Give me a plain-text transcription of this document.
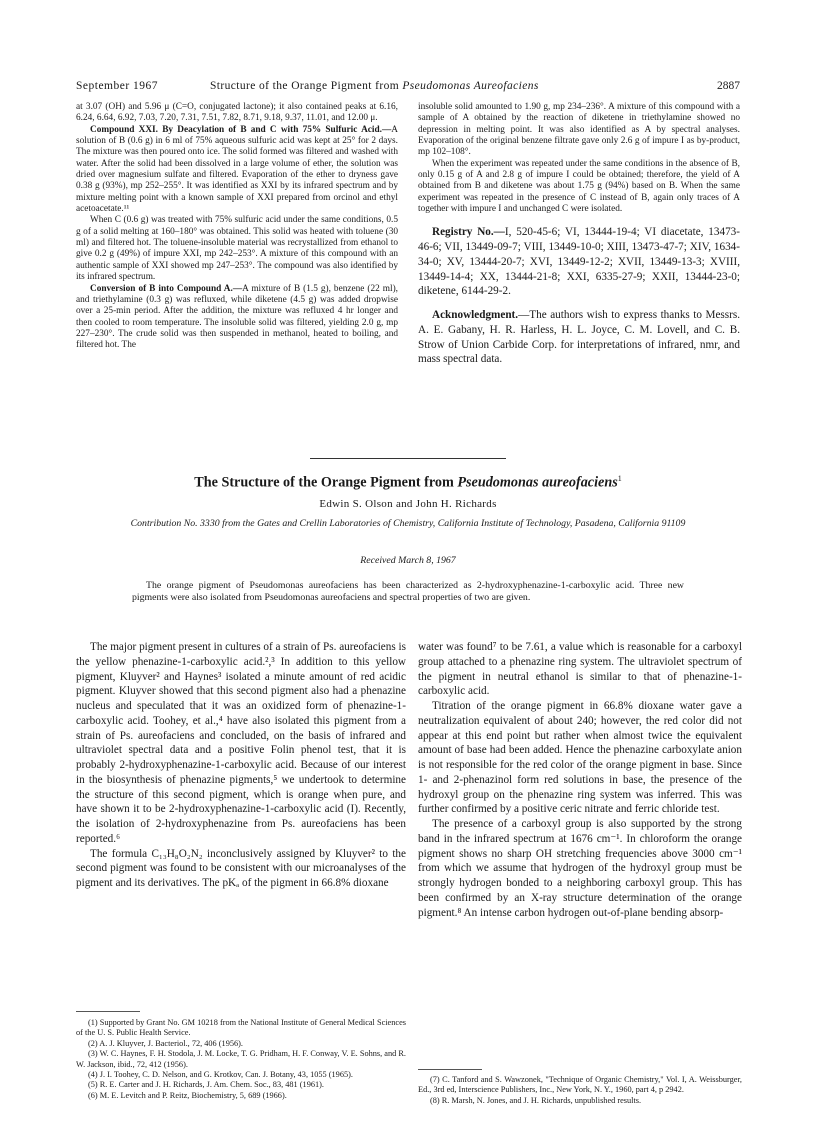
September 1967	Structure of the Orange Pigment from Pseudomonas Aureofaciens	2887

at 3.07 (OH) and 5.96 μ (C=O, conjugated lactone); it also contained peaks at 6.16, 6.24, 6.64, 6.92, 7.03, 7.20, 7.31, 7.51, 7.82, 8.71, 9.18, 9.37, 11.01, and 12.00 μ.

Compound XXI. By Deacylation of B and C with 75% Sulfuric Acid.—A solution of B (0.6 g) in 6 ml of 75% aqueous sulfuric acid was kept at 25° for 2 days. The mixture was then poured onto ice. The solid formed was filtered and washed with water. After the solid had been dissolved in a large volume of ether, the solution was dried over magnesium sulfate and filtered. Evaporation of the ether to dryness gave 0.38 g (93%), mp 252–255°. It was identified as XXI by its infrared spectrum and by mixture melting point with a known sample of XXI prepared from orcinol and ethyl acetoacetate.¹¹

When C (0.6 g) was treated with 75% sulfuric acid under the same conditions, 0.5 g of a solid melting at 160–180° was obtained. This solid was heated with toluene (30 ml) and filtered hot. The toluene-insoluble material was recrystallized from ethanol to give 0.2 g (49%) of impure XXI, mp 242–253°. A mixture of this compound with an authentic sample of XXI showed mp 247–253°. The compound was also identified by its infrared spectrum.

Conversion of B into Compound A.—A mixture of B (1.5 g), benzene (22 ml), and triethylamine (0.3 g) was refluxed, while diketene (4.5 g) was added dropwise over a 25-min period. After the addition, the mixture was refluxed 4 hr longer and then cooled to room temperature. The insoluble solid was filtered, yielding 2.0 g, mp 227–230°. The crude solid was then suspended in methanol, heated to boiling, and filtered hot. The

insoluble solid amounted to 1.90 g, mp 234–236°. A mixture of this compound with a sample of A obtained by the reaction of diketene in triethylamine showed no depression in melting point. It was also identified as A by spectral analyses. Evaporation of the original benzene filtrate gave only 2.6 g of impure I as by-product, mp 102–108°.

When the experiment was repeated under the same conditions in the absence of B, only 0.15 g of A and 2.8 g of impure I could be obtained; therefore, the yield of A obtained from B and diketene was about 1.75 g (94%) based on B. When the same experiment was repeated in the presence of C instead of B, again only traces of A together with impure I and unchanged C were isolated.

Registry No.—I, 520-45-6; VI, 13444-19-4; VI diacetate, 13473-46-6; VII, 13449-09-7; VIII, 13449-10-0; XIII, 13473-47-7; XIV, 1634-34-0; XV, 13444-20-7; XVI, 13449-12-2; XVII, 13449-13-3; XVIII, 13449-14-4; XX, 13444-21-8; XXI, 6335-27-9; XXII, 13444-23-0; diketene, 6144-29-2.

Acknowledgment.—The authors wish to express thanks to Messrs. A. E. Gabany, H. R. Harless, H. L. Joyce, C. M. Lovell, and C. B. Strow of Union Carbide Corp. for interpretations of infrared, nmr, and mass spectral data.

The Structure of the Orange Pigment from Pseudomonas aureofaciens$^1$
Edwin S. Olson and John H. Richards
Contribution No. 3330 from the Gates and Crellin Laboratories of Chemistry, California Institute of Technology, Pasadena, California 91109
Received March 8, 1967
The orange pigment of Pseudomonas aureofaciens has been characterized as 2-hydroxyphenazine-1-carboxylic acid. Three new pigments were also isolated from Pseudomonas aureofaciens and spectral properties of two are given.

The major pigment present in cultures of a strain of Ps. aureofaciens is the yellow phenazine-1-carboxylic acid.²,³ In addition to this yellow pigment, Kluyver² and Haynes³ isolated a minute amount of red acidic pigment. Kluyver showed that this second pigment also had a phenazine nucleus and speculated that it was an oxidized form of phenazine-1-carboxylic acid. Toohey, et al.,⁴ have also isolated this pigment from a strain of Ps. aureofaciens and concluded, on the basis of infrared and ultraviolet spectral data and a positive Folin phenol test, that it is probably 2-hydroxyphenazine-1-carboxylic acid. Because of our interest in the biosynthesis of phenazine pigments,⁵ we undertook to determine the structure of this second pigment, which is orange when pure, and have shown it to be 2-hydroxyphenazine-1-carboxylic acid (I). Recently, the isolation of 2-hydroxyphenazine from Ps. aureofaciens has been reported.⁶

The formula C₁₃H₈O₂N₂ inconclusively assigned by Kluyver² to the second pigment was found to be consistent with our microanalyses of the pigment and its derivatives. The pKₐ of the pigment in 66.8% dioxane

water was found⁷ to be 7.61, a value which is reasonable for a carboxyl group attached to a phenazine ring system. The ultraviolet spectrum of the pigment in neutral ethanol is similar to that of phenazine-1-carboxylic acid.

Titration of the orange pigment in 66.8% dioxane water gave a neutralization equivalent of about 240; however, the red color did not appear at this end point but rather when almost twice the equivalent amount of base had been added. Hence the phenazine carboxylate anion is not responsible for the red color of the orange pigment in base. Since 1- and 2-phenazinol form red solutions in base, the presence of the hydroxyl group on the phenazine ring system was inferred. This was further confirmed by a positive ceric nitrate and ferric chloride test.

The presence of a carboxyl group is also supported by the strong band in the infrared spectrum at 1676 cm⁻¹. In chloroform the orange pigment shows no sharp OH stretching frequencies above 3000 cm⁻¹ from which we assume that hydrogen of the hydroxyl group must be strongly hydrogen bonded to a neighboring carboxyl group. This has been confirmed by an X-ray structure determination of the orange pigment.⁸ An intense carbon hydrogen out-of-plane bending absorp-

(1) Supported by Grant No. GM 10218 from the National Institute of General Medical Sciences of the U. S. Public Health Service.

(2) A. J. Kluyver, J. Bacteriol., 72, 406 (1956).

(3) W. C. Haynes, F. H. Stodola, J. M. Locke, T. G. Pridham, H. F. Conway, V. E. Sohns, and R. W. Jackson, ibid., 72, 412 (1956).

(4) J. I. Toohey, C. D. Nelson, and G. Krotkov, Can. J. Botany, 43, 1055 (1965).

(5) R. E. Carter and J. H. Richards, J. Am. Chem. Soc., 83, 481 (1961).

(6) M. E. Levitch and P. Reitz, Biochemistry, 5, 689 (1966).

(7) C. Tanford and S. Wawzonek, "Technique of Organic Chemistry," Vol. I, A. Weissburger, Ed., 3rd ed, Interscience Publishers, Inc., New York, N. Y., 1960, part 4, p 2942.

(8) R. Marsh, N. Jones, and J. H. Richards, unpublished results.
